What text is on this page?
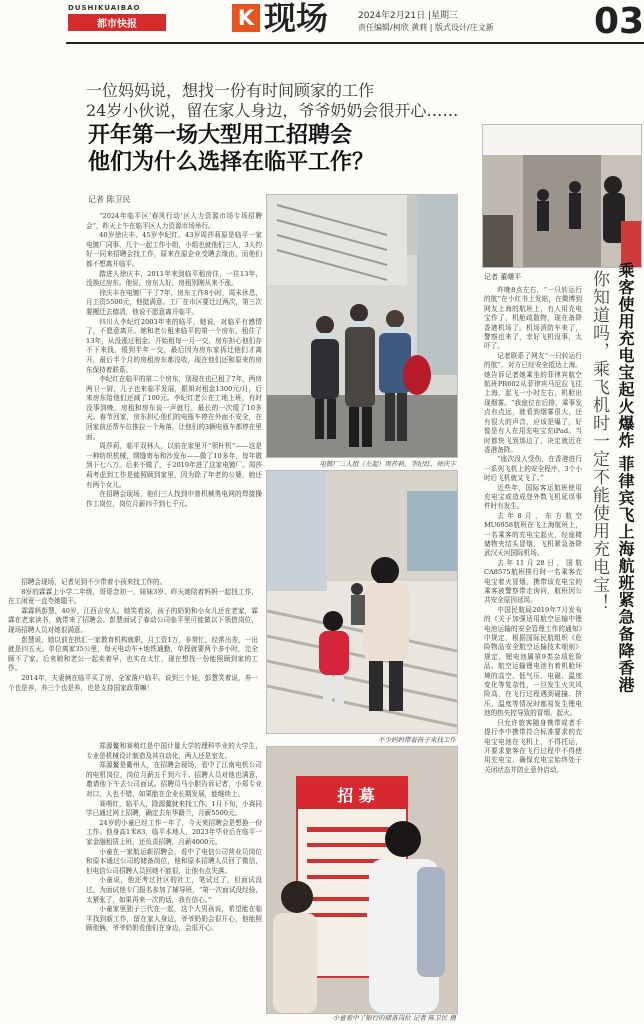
DUSHIKUAIBAO
都市快报	K 现场	2024年2月21日 |星期三
责任编辑/柯欣 黄莉 | 版式设计/庄文新	03
一位妈妈说，想找一份有时间顾家的工作
24岁小伙说，留在家人身边，爷爷奶奶会很开心……
开年第一场大型用工招聘会
他们为什么选择在临平工作？
记者 陈卫民

“2024年临平区‘春风行动’区人力资源市场专场招聘会”，昨天上午在临平区人力资源市场举行。

40岁徐庆丰、45岁李纪红、43岁周莎莉原是临平一家电镀厂同事，几个一起工作小组，小组也就他们三人，3人约好一同来招聘会找工作，原来在原企业受聘去缘由，而他们都不想离开临平。

踏进人徐庆丰，2011年来到临平租房住，一住13年，没换过房东。他说，房东人好，房租别刚从来不涨。

徐庆丰在电镀厂干了7年，房东工作8小时，周末休息，月工资5500元，他挺满意。工厂在市区要迁过两次，第三次要搬迁去德清，他说不愿意离开临平。

四川人李纪红2003年来的临平，她说，对临平有感情了，不愿意离开。她和老公租来临平的第一个房东，租住了13年，从没涨过租金。开始租每一月一交，房东担心他们存不下来钱，缓到半年一交，最后因为房东家拆迁他们才离开，最后半个月的房租房东都没收，现在他们还和原来的房东保持着联系。

李纪红在临平的第二个房东，别现在也已租了7年，两房两卫一厨，儿子也来临平发展，跟姐对租金1300元/月，后来房东给他们还减了100元。李纪红老公在工地上班，有时没事到晚，房租和房东说一声就行，最长的一次缓了10多天。春节回家，房东担心他们的电瓶车停在外面不安全，在回家前还帮车位推拉一个角落，让他们的3辆电瓶车都停在里面。

周莎莉，临平双林人，以前在家里开“领杆机”——这是一种纺织机械，纲缝寄布和沙发布——做了10多年，每年做到下七八万。后来不做了，于2019年进了这家电镀厂。周莎莉考虑到工作是能照顾到家里，因为除了年老的公婆，她还有两个女儿。

在招聘会现场，他们三人找到申普机械勇电网的焊接操作工岗位，岗位月薪四千到七千元。

招聘会现场，记者见到不少带着小孩来找工作的。

8岁的霖霖上小学二年级，哥哥念初一，妹妹3岁。昨天她陪着妈妈一起找工作，在工闲竟一直夸她聪干。

霖霖妈彭慧，40岁，江西吉安人。她笑着说，孩子的奶奶和小女儿还在老家，霖霖在老家读书，就带来了招聘会。彭慧面试了春动公司临平里可能做以下领借岗位，现场招聘人员对她很满意。

彭慧说，她以前在拱汇一家教育机构就职，月工资1万，非常忙，经常出差，一出就是四五天。单位离家35公里，每天电动车+地铁通勤，单程就要两个多小时，完全顾不了家。后来她和老公一起卖着早，也实在太忙，现在想找一份能照顾到家的工作。

2014年，夫妻俩在临平买了房，全家落户临平。说到三个娃，彭慧笑着说，养一个也是养，养三个也是养，也是支持国家政策嘛！

郑源鳌和赛萌红是中国计量大学的理科毕业的大学生，专业是机械设计制造及其自动化，两人还是室友。

郑源鳌是衢州人，在招聘会现场，看中了江南电机公司的电机岗位，岗位月薪五千到六千。招聘人员对他也满意，邀请他下午去公司面试。招聘员马小胆告诉记者，小郑专业对口，人也不错，如果能在企业长期发展，能继续上。

赛萌红，临平人，除源鳌就来找工作。1月下旬，小赛同学已通过网上招聘，确定去东华籍兰，月薪5500元。

24岁的小童已经工作一年了，今天来招聘会是想换一份工作。他身高1米83，临平本地人，2023年毕业后在临平一家金融租赁上班，还负责招聘，月薪4000元。

小童在一家航运新招聘会，看中了电信公司营业员岗位和原本通过公司的储备岗位，他和原本招聘人员回了微信，但电信公司招聘人员回她不能很，让他有点失落。

小童说，他还考过社区的社工，笔试过了，但面试没过。为面试他专门报名参加了辅导班，“第一次面试没经验，太紧张了，如果再来一次的话，我有信心。”

小童家里独子三代在一起，这个大男孩说，希望能在临平找到新工作，留在家人身边，爷爷奶奶会很开心，他能照顾他俩，爷爷奶奶看他们在身边，会很开心。

电镀厂三人组（左起）周莎莉、李纪红、徐庆丰
不少妈妈带着孩子来找工作
招 募
小童看中了银行的储备岗位 记者 陈卫民 摄
记者 董曙平	乘客使用充电宝起火爆炸 菲律宾飞上海航班紧急备降香港
你知道吗，乘飞机时一定不能使用充电宝！

昨晚8点左右，“一只转运行的航”在小红书上发贴，在微博到网友上海的航班上，有人用充电宝作了，机舱疏散物，现在备降香港机场了。机场消防车来了，警察也来了，幸好飞机没事，太吓了。

记者联系了网友“一只转运行的航”，对方已经安全抵达上海。她告诉记者她乘坐的菲律宾航空航班PR602从菲律宾马尼拉飞往上海，起飞一小时左右，机舱出现烟雾。“我座位在后排，乘事发点有点远，就看到烟雾很大，还有很大的声音，应该是爆了，好像是有人在用充电宝充iPad。当时都快飞到那边了，决定就近在香港备降。

“座次没人受伤，在香港进行一系列飞机上的安全程序，3个小时后飞机就又飞了。”

近些年，国际客运航班使用充电宝或造成登外数飞机延误事件时有发生。

去年8月，东方航空MU6958航班在飞上海航班上，一名乘客的充电宝起火，经座椅储物夹结头冒烟，飞机紧急备降武汉天河国际机场。

去年11月28日，国航CA8575航班排行时一名乘客充电宝着火冒烟，携带该充电宝的乘客被警察带走询问，航班因公共安全原因延误。

中国民航局2019年7月发布的《关于加强适用航空运输中锂电池运输的安全管理工作的通知》中规定，根据国际民航组织《危险物品安全航空运输技术细则》规定，锂电池属第9类杂项危险品。航空运输锂电池有着机舱环境的高空、低气压、电磁、温度变化等复杂性，一旦发生火灾风险高，在飞行过程遇到碰撞、挤压、温度等情况时都易发生锂电池的热失控导致的冒烟、起火。

只允许旅客随身携带或者手提行李中携带符合标准要求的充电宝电池在飞机上，不得托运，开要求旅客在飞行过程中不得使用充电宝，确保充电宝始终处于关闭状态并防止意外启动。
